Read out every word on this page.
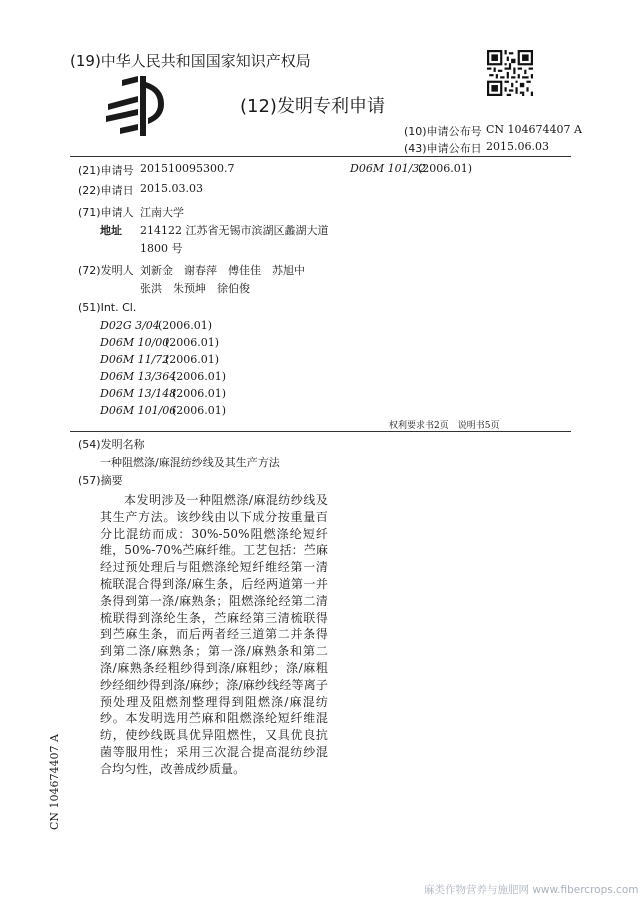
(19)中华人民共和国国家知识产权局
(12)发明专利申请
(10)申请公布号 CN 104674407 A
(43)申请公布日 2015.06.03
(21)申请号 201510095300.7	D06M 101/32
(2006.01)
(22)申请日 2015.03.03
(71)申请人 江南大学
地址 214122 江苏省无锡市滨湖区蠡湖大道
1800 号
(72)发明人 刘新金　谢春萍　傅佳佳　苏旭中
张洪　朱预坤　徐伯俊
(51)Int. Cl.
D02G 3/04
(2006.01)
D06M 10/00
(2006.01)
D06M 11/72
(2006.01)
D06M 13/364
(2006.01)
D06M 13/148
(2006.01)
D06M 101/06
(2006.01)
权利要求书2页　说明书5页
(54)发明名称
一种阻燃涤/麻混纺纱线及其生产方法
(57)摘要
本发明涉及一种阻燃涤/麻混纺纱线及其生产方法。该纱线由以下成分按重量百分比混纺而成：30%-50%阻燃涤纶短纤维，50%-70%苎麻纤维。工艺包括：苎麻经过预处理后与阻燃涤纶短纤维经第一清梳联混合得到涤/麻生条，后经两道第一并条得到第一涤/麻熟条；阻燃涤纶经第二清梳联得到涤纶生条，苎麻经第三清梳联得到苎麻生条，而后两者经三道第二并条得到第二涤/麻熟条；第一涤/麻熟条和第二涤/麻熟条经粗纱得到涤/麻粗纱；涤/麻粗纱经细纱得到涤/麻纱；涤/麻纱线经等离子预处理及阻燃剂整理得到阻燃涤/麻混纺纱。本发明选用苎麻和阻燃涤纶短纤维混纺，使纱线既具优异阻燃性，又具优良抗菌等服用性；采用三次混合提高混纺纱混合均匀性，改善成纱质量。
CN 104674407 A
麻类作物营养与施肥网 www.fibercrops.com
